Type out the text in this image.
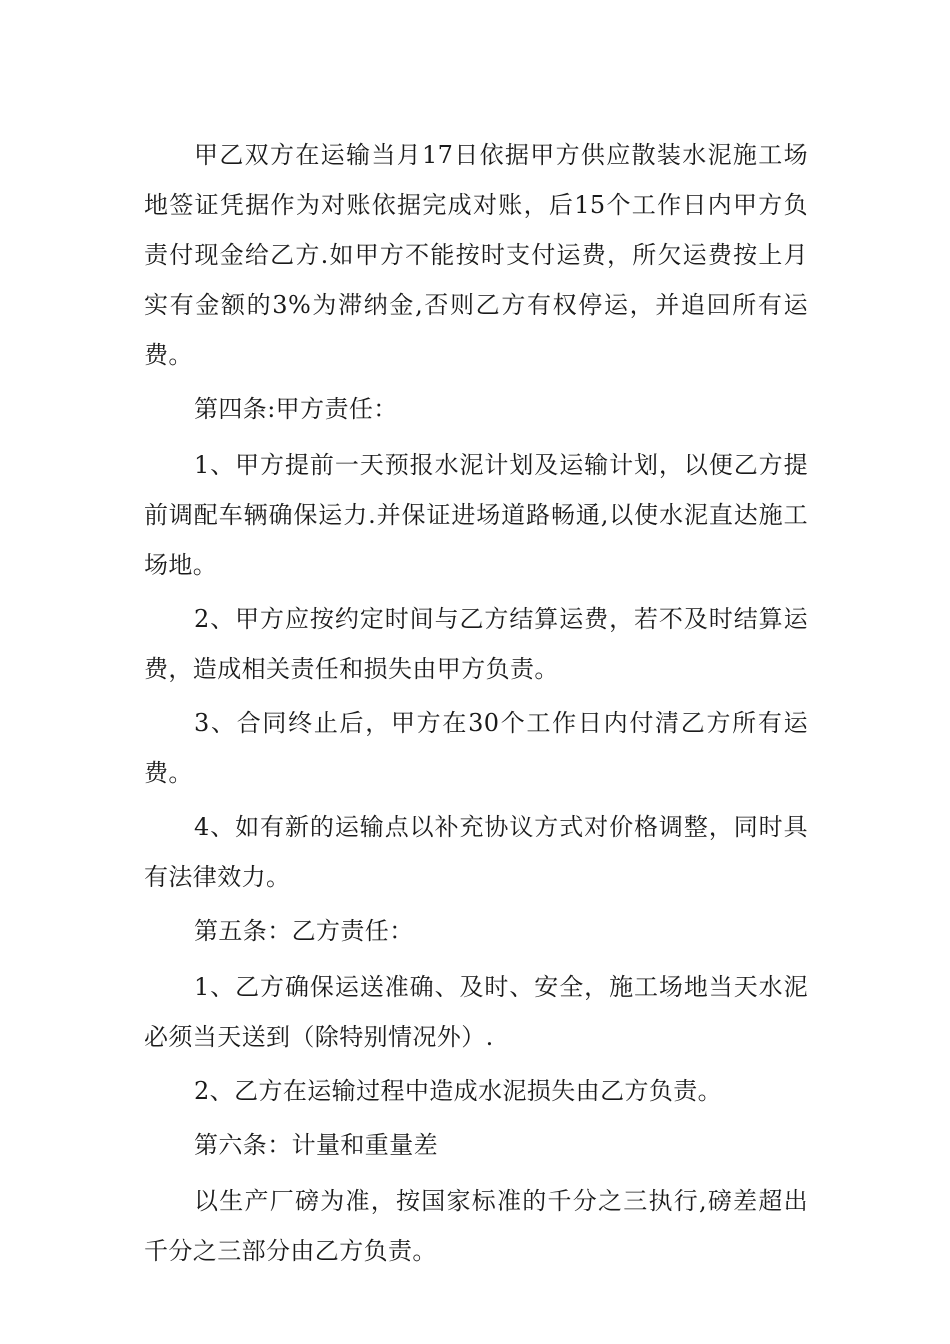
甲乙双方在运输当月17日依据甲方供应散装水泥施工场地签证凭据作为对账依据完成对账，后15个工作日内甲方负责付现金给乙方.如甲方不能按时支付运费，所欠运费按上月实有金额的3%为滞纳金,否则乙方有权停运，并追回所有运费。

第四条:甲方责任：

1、甲方提前一天预报水泥计划及运输计划，以便乙方提前调配车辆确保运力.并保证进场道路畅通,以使水泥直达施工场地。

2、甲方应按约定时间与乙方结算运费，若不及时结算运费，造成相关责任和损失由甲方负责。

3、合同终止后，甲方在30个工作日内付清乙方所有运费。

4、如有新的运输点以补充协议方式对价格调整，同时具有法律效力。

第五条：乙方责任：

1、乙方确保运送准确、及时、安全，施工场地当天水泥必须当天送到（除特别情况外）.

2、乙方在运输过程中造成水泥损失由乙方负责。

第六条：计量和重量差

以生产厂磅为准，按国家标准的千分之三执行,磅差超出千分之三部分由乙方负责。
